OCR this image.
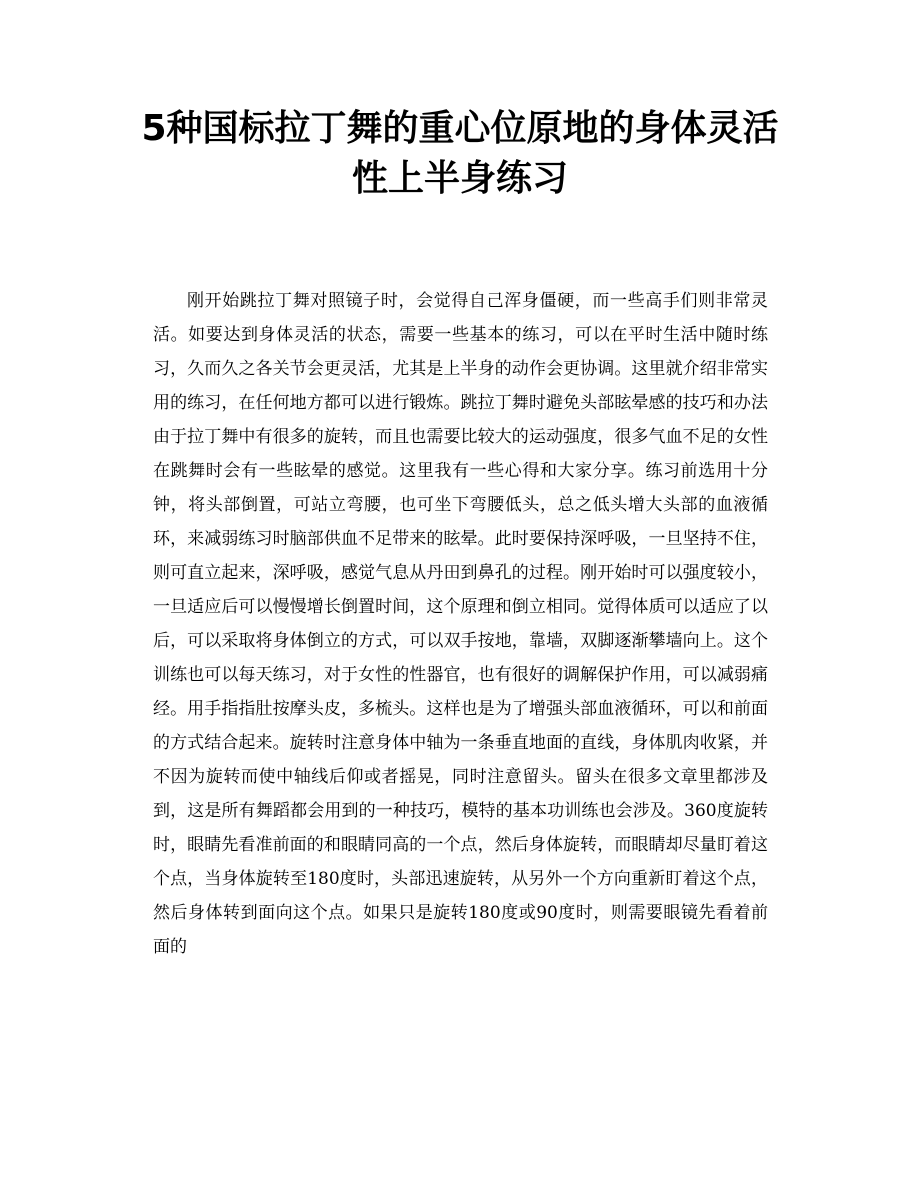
5种国标拉丁舞的重心位原地的身体灵活性上半身练习

刚开始跳拉丁舞对照镜子时，会觉得自己浑身僵硬，而一些高手们则非常灵活。如要达到身体灵活的状态，需要一些基本的练习，可以在平时生活中随时练习，久而久之各关节会更灵活，尤其是上半身的动作会更协调。这里就介绍非常实用的练习，在任何地方都可以进行锻炼。跳拉丁舞时避免头部眩晕感的技巧和办法由于拉丁舞中有很多的旋转，而且也需要比较大的运动强度，很多气血不足的女性在跳舞时会有一些眩晕的感觉。这里我有一些心得和大家分享。练习前选用十分钟，将头部倒置，可站立弯腰，也可坐下弯腰低头，总之低头增大头部的血液循环，来减弱练习时脑部供血不足带来的眩晕。此时要保持深呼吸，一旦坚持不住，则可直立起来，深呼吸，感觉气息从丹田到鼻孔的过程。刚开始时可以强度较小，一旦适应后可以慢慢增长倒置时间，这个原理和倒立相同。觉得体质可以适应了以后，可以采取将身体倒立的方式，可以双手按地，靠墙，双脚逐渐攀墙向上。这个训练也可以每天练习，对于女性的性器官，也有很好的调解保护作用，可以减弱痛经。用手指指肚按摩头皮，多梳头。这样也是为了增强头部血液循环，可以和前面的方式结合起来。旋转时注意身体中轴为一条垂直地面的直线，身体肌肉收紧，并不因为旋转而使中轴线后仰或者摇晃，同时注意留头。留头在很多文章里都涉及到，这是所有舞蹈都会用到的一种技巧，模特的基本功训练也会涉及。360度旋转时，眼睛先看准前面的和眼睛同高的一个点，然后身体旋转，而眼睛却尽量盯着这个点，当身体旋转至180度时，头部迅速旋转，从另外一个方向重新盯着这个点，然后身体转到面向这个点。如果只是旋转180度或90度时，则需要眼镜先看着前面的
